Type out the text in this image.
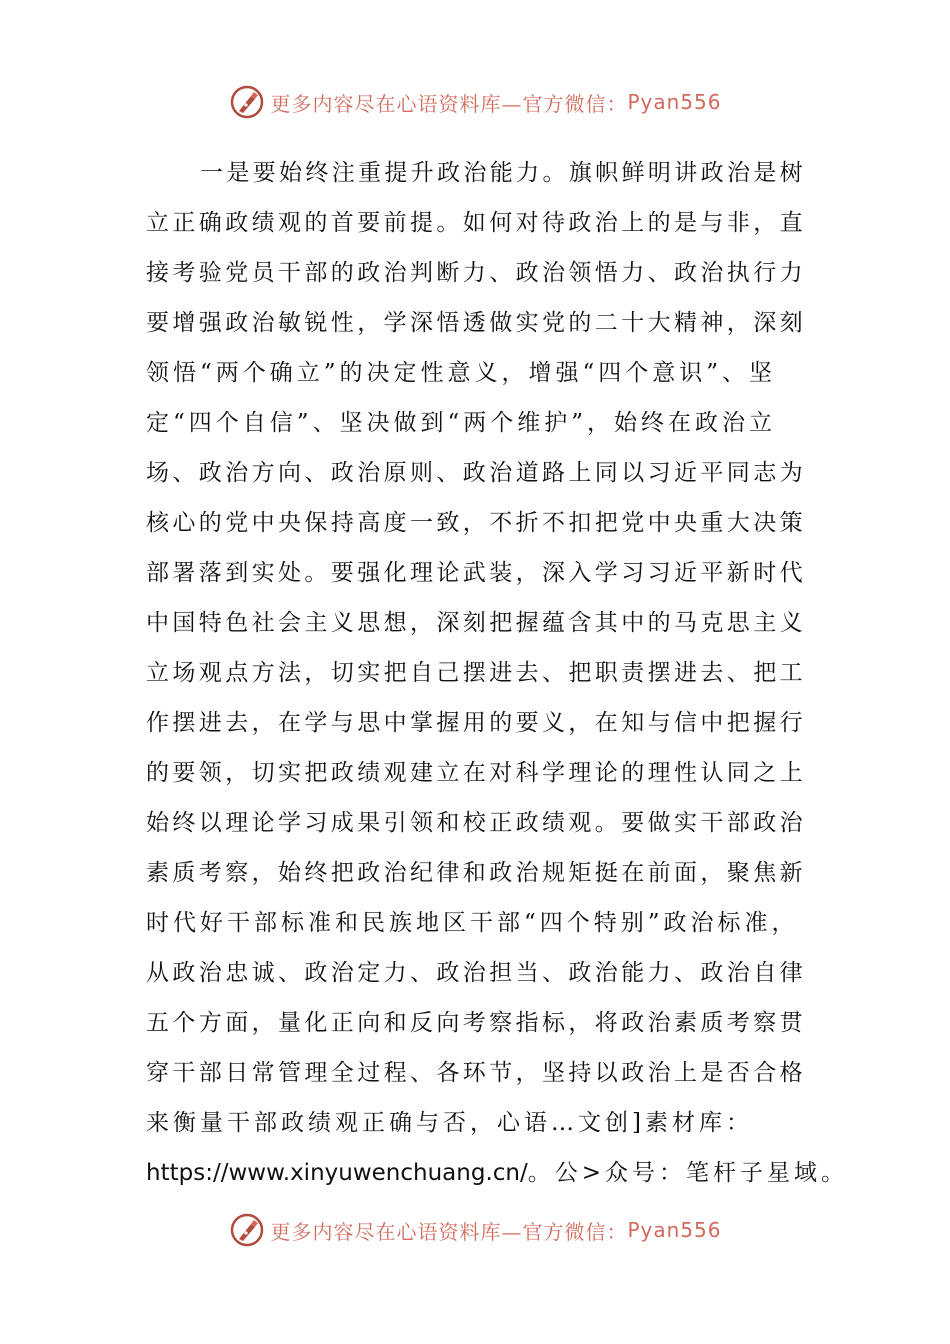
更多内容尽在心语资料库—官方微信： Pyan556
一是要始终注重提升政治能力。旗帜鲜明讲政治是树
立正确政绩观的首要前提。如何对待政治上的是与非，直
接考验党员干部的政治判断力、政治领悟力、政治执行力
要增强政治敏锐性，学深悟透做实党的二十大精神，深刻
领悟“两个确立”的决定性意义，增强“四个意识”、坚
定“四个自信”、坚决做到“两个维护”，始终在政治立
场、政治方向、政治原则、政治道路上同以习近平同志为
核心的党中央保持高度一致，不折不扣把党中央重大决策
部署落到实处。要强化理论武装，深入学习习近平新时代
中国特色社会主义思想，深刻把握蕴含其中的马克思主义
立场观点方法，切实把自己摆进去、把职责摆进去、把工
作摆进去，在学与思中掌握用的要义，在知与信中把握行
的要领，切实把政绩观建立在对科学理论的理性认同之上
始终以理论学习成果引领和校正政绩观。要做实干部政治
素质考察，始终把政治纪律和政治规矩挺在前面，聚焦新
时代好干部标准和民族地区干部“四个特别”政治标准，
从政治忠诚、政治定力、政治担当、政治能力、政治自律
五个方面，量化正向和反向考察指标，将政治素质考察贯
穿干部日常管理全过程、各环节，坚持以政治上是否合格
来衡量干部政绩观正确与否，心语…文创]素材库：
https://www.xinyuwenchuang.cn/。公>众号：笔杆子星域。
更多内容尽在心语资料库—官方微信： Pyan556
